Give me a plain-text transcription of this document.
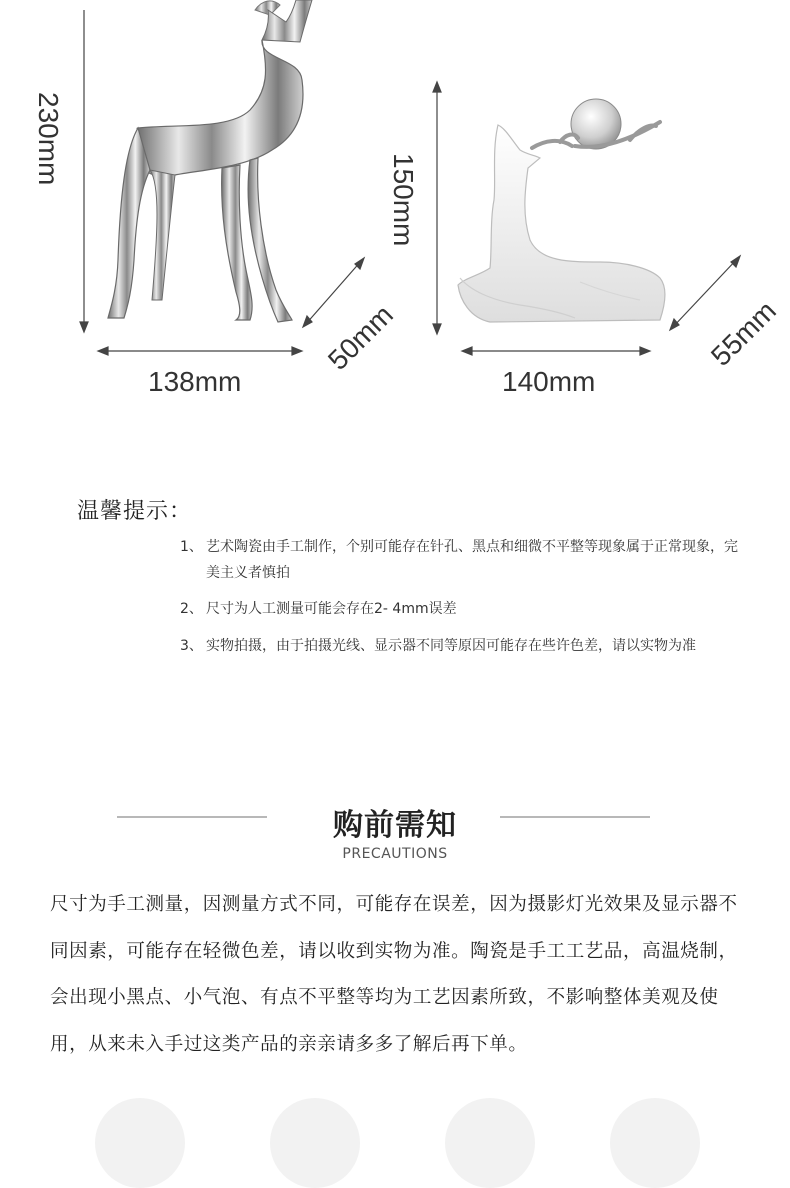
230mm
138mm
50mm
150mm
140mm
55mm
温馨提示：
1、 艺术陶瓷由手工制作，个别可能存在针孔、黑点和细微不平整等现象属于正常现象，完美主义者慎拍
2、 尺寸为人工测量可能会存在2- 4mm误差
3、 实物拍摄，由于拍摄光线、显示器不同等原因可能存在些许色差，请以实物为准
购前需知
PRECAUTIONS
尺寸为手工测量，因测量方式不同，可能存在误差，因为摄影灯光效果及显示器不同因素，可能存在轻微色差，请以收到实物为准。陶瓷是手工工艺品，高温烧制，会出现小黑点、小气泡、有点不平整等均为工艺因素所致，不影响整体美观及使用，从来未入手过这类产品的亲亲请多多了解后再下单。
